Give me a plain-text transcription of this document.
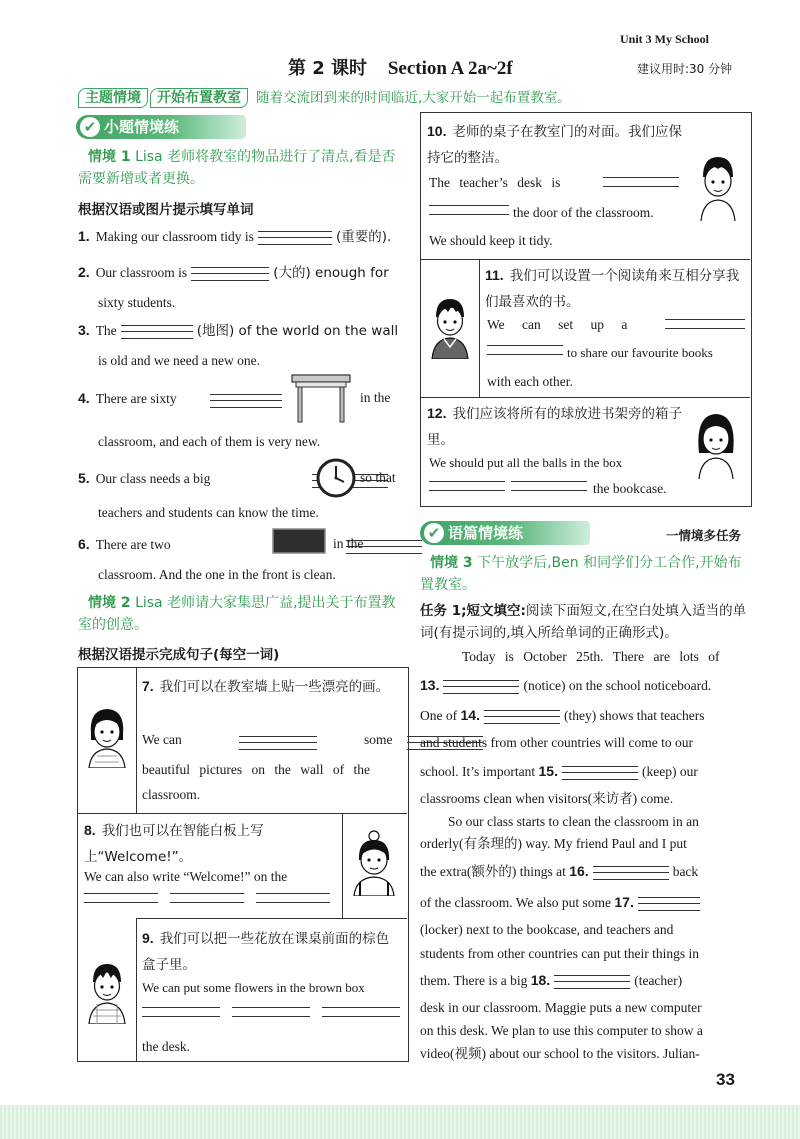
Unit 3 My School
第 2 课时 Section A 2a~2f	建议用时:30 分钟
主题情境 开始布置教室 随着交流团到来的时间临近,大家开始一起布置教室。
✔ 小题情境练
情境 1 Lisa 老师将教室的物品进行了清点,看是否需要新增或者更换。
根据汉语或图片提示填写单词
1. Making our classroom tidy is	(重要的).
2. Our classroom is	(大的) enough for
sixty students.
3. The	(地图) of the world on the wall
is old and we need a new one.
4. There are sixty
	in the
classroom, and each of them is very new.
5. Our class needs a big
	so that
teachers and students can know the time.
6. There are two	in the
classroom. And the one in the front is clean.
情境 2 Lisa 老师请大家集思广益,提出关于布置教室的创意。
根据汉语提示完成句子(每空一词)
7. 我们可以在教室墙上贴一些漂亮的画。
We can	some
beautiful pictures on the wall of the
classroom.
8. 我们也可以在智能白板上写上“Welcome!”。
We can also write “Welcome!” on the

9. 我们可以把一些花放在课桌前面的棕色盒子里。
We can put some flowers in the brown box

the desk.
10. 老师的桌子在教室门的对面。我们应保持它的整洁。
The teacher’s desk is
the door of the classroom.
We should keep it tidy.
11. 我们可以设置一个阅读角来互相分享我们最喜欢的书。
We can set up a
to share our favourite books
with each other.
12. 我们应该将所有的球放进书架旁的箱子里。
We should put all the balls in the box
the bookcase.
✔ 语篇情境练	一情境多任务
情境 3 下午放学后,Ben 和同学们分工合作,开始布置教室。
任务 1;短文填空:阅读下面短文,在空白处填入适当的单词(有提示词的,填入所给单词的正确形式)。
Today is October 25th. There are lots of
13.	(notice) on the school noticeboard.
One of 14.	(they) shows that teachers
and students from other countries will come to our
school. It’s important 15.	(keep) our
classrooms clean when visitors(来访者) come.
So our class starts to clean the classroom in an
orderly(有条理的) way. My friend Paul and I put
the extra(额外的) things at 16.	back
of the classroom. We also put some 17.
(locker) next to the bookcase, and teachers and
students from other countries can put their things in
them. There is a big 18.	(teacher)
desk in our classroom. Maggie puts a new computer
on this desk. We plan to use this computer to show a
video(视频) about our school to the visitors. Julian-
33
